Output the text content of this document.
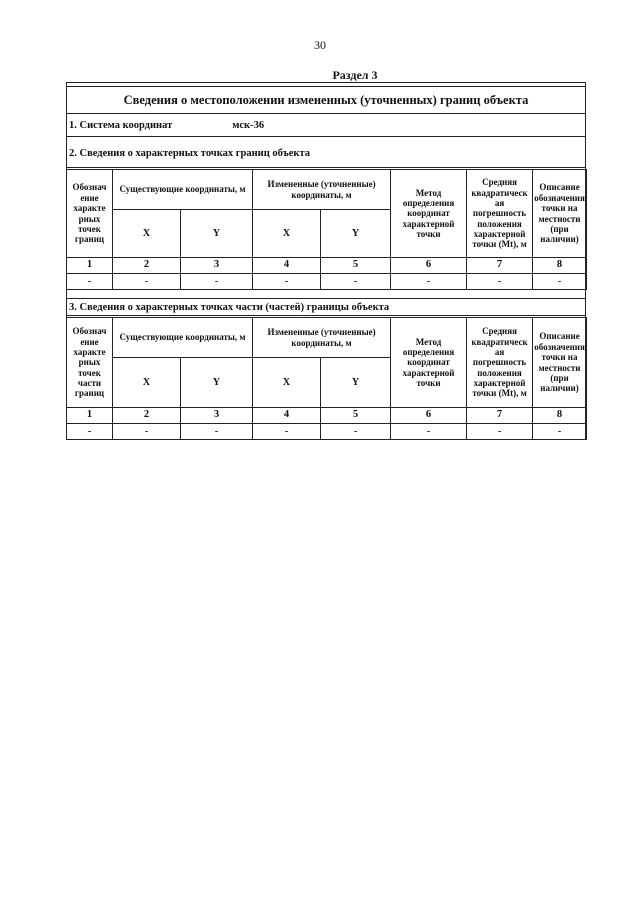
30
Раздел 3
Сведения о местоположении измененных (уточненных) границ объекта
1. Система координат	мск-36
2. Сведения о характерных точках границ объекта
Обознач ение характе рных точек границ	Существующие координаты, м		Измененные (уточненные) координаты, м		Метод определения координат характерной точки	Средняя квадратическ ая погрешность положения характерной точки (Mt), м	Описание обозначения точки на местности (при наличии)
	X	Y	X	Y			
1	2	3	4	5	6	7	8
-	-	-	-	-	-	-	-
3. Сведения о характерных точках части (частей) границы объекта
Обознач ение характе рных точек части границ	Существующие координаты, м		Измененные (уточненные) координаты, м		Метод определения координат характерной точки	Средняя квадратическ ая погрешность положения характерной точки (Mt), м	Описание обозначения точки на местности (при наличии)
	X	Y	X	Y			
1	2	3	4	5	6	7	8
-	-	-	-	-	-	-	-
